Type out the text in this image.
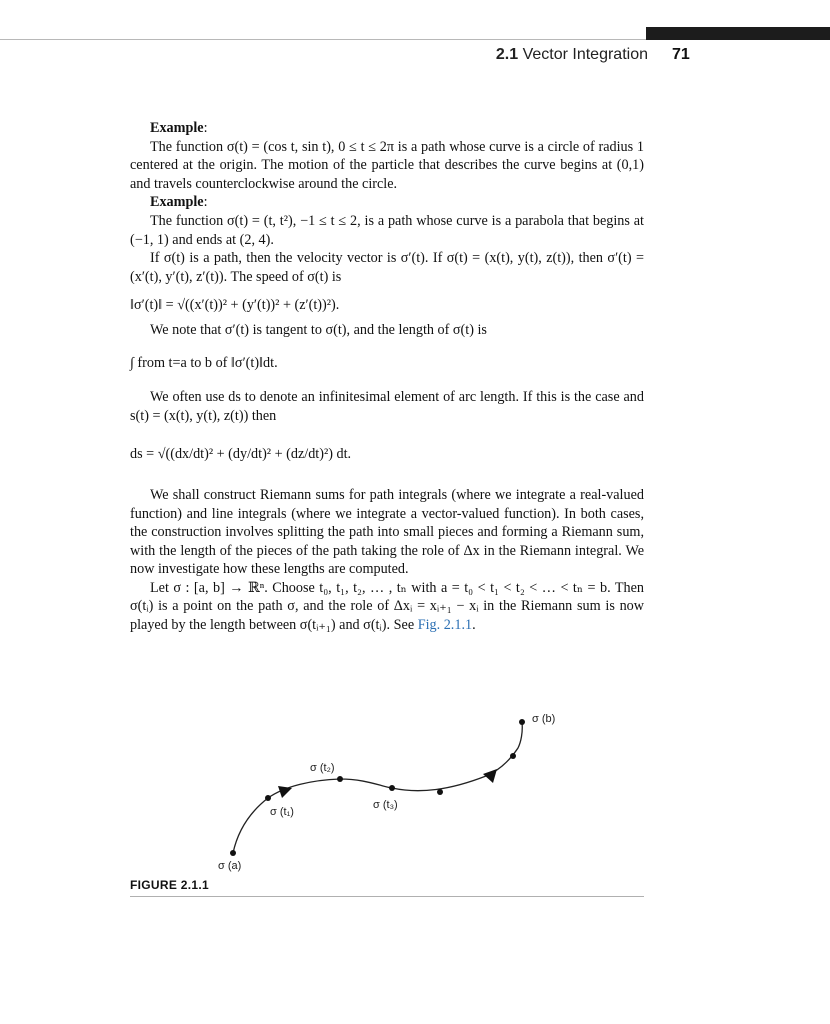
2.1 Vector Integration 71

Example:

The function σ(t) = (cos t, sin t), 0 ≤ t ≤ 2π is a path whose curve is a circle of radius 1 centered at the origin. The motion of the particle that describes the curve begins at (0,1) and travels counterclockwise around the circle.

Example:

The function σ(t) = (t, t²), −1 ≤ t ≤ 2, is a path whose curve is a parabola that begins at (−1, 1) and ends at (2, 4).

If σ(t) is a path, then the velocity vector is σ′(t). If σ(t) = (x(t), y(t), z(t)), then σ′(t) = (x′(t), y′(t), z′(t)). The speed of σ(t) is

‖σ′(t)‖ = √((x′(t))² + (y′(t))² + (z′(t))²).

We note that σ′(t) is tangent to σ(t), and the length of σ(t) is

∫ from t=a to b of ‖σ′(t)‖dt.

We often use ds to denote an infinitesimal element of arc length. If this is the case and s(t) = (x(t), y(t), z(t)) then

ds = √((dx/dt)² + (dy/dt)² + (dz/dt)²) dt.

We shall construct Riemann sums for path integrals (where we integrate a real-valued function) and line integrals (where we integrate a vector-valued function). In both cases, the construction involves splitting the path into small pieces and forming a Riemann sum, with the length of the pieces of the path taking the role of Δx in the Riemann integral. We now investigate how these lengths are computed.

Let σ : [a, b] → ℝⁿ. Choose t₀, t₁, t₂, … , tₙ with a = t₀ < t₁ < t₂ < … < tₙ = b. Then σ(tᵢ) is a point on the path σ, and the role of Δxᵢ = xᵢ₊₁ − xᵢ in the Riemann sum is now played by the length between σ(tᵢ₊₁) and σ(tᵢ). See Fig. 2.1.1.

σ (a)
σ (t₁)
σ (t₂)
σ (t₃)
σ (b)
FIGURE 2.1.1
